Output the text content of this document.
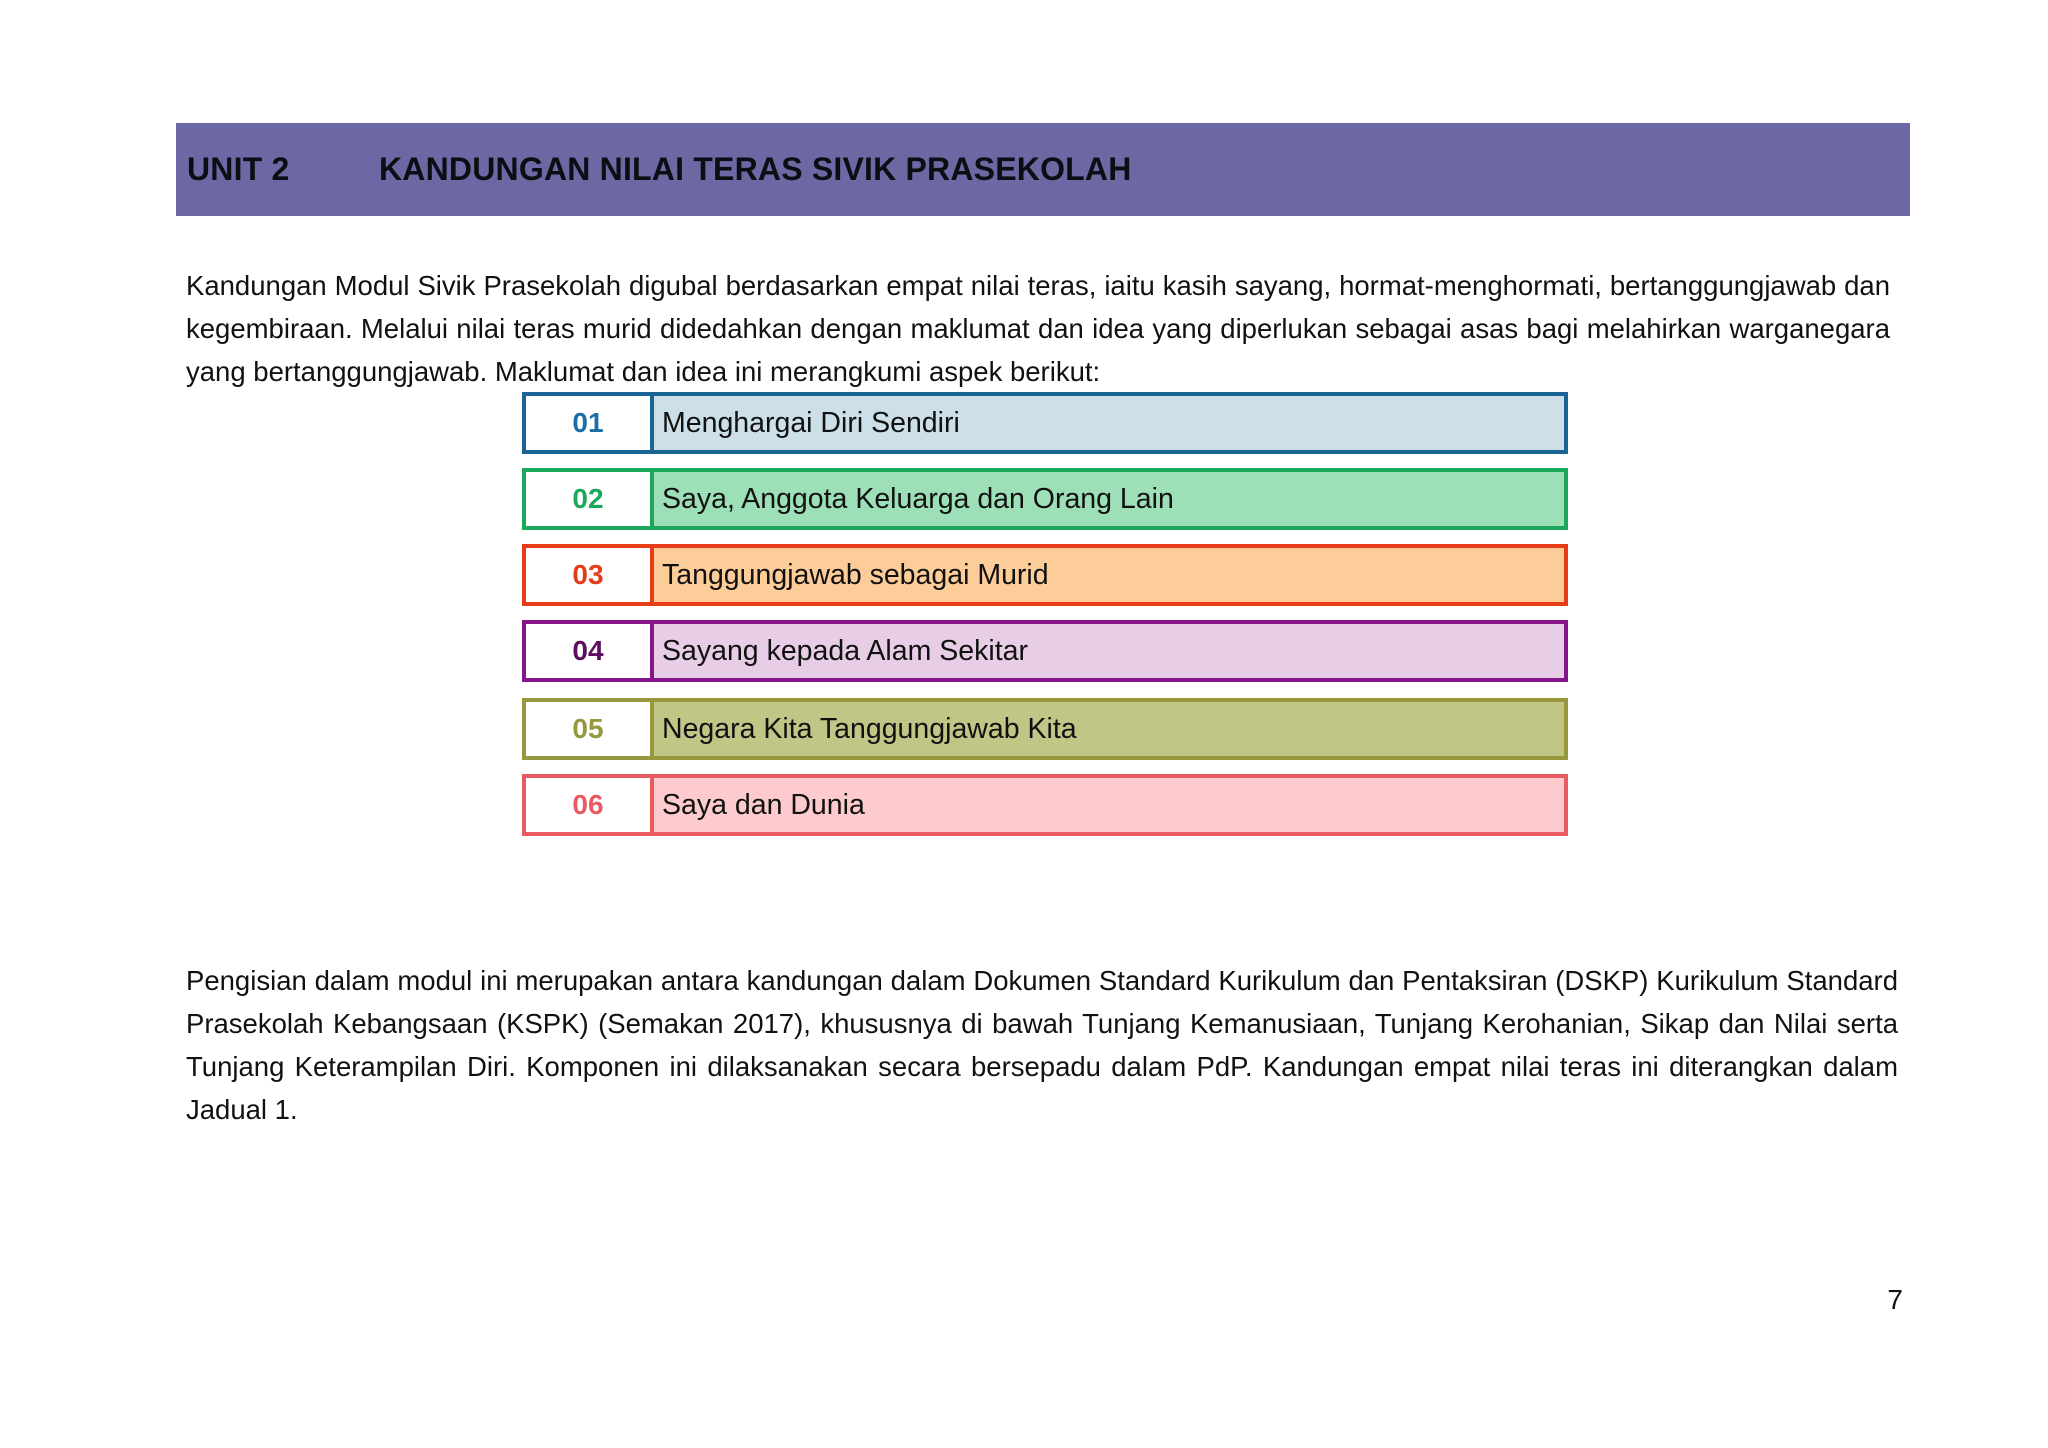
UNIT 2	KANDUNGAN NILAI TERAS SIVIK PRASEKOLAH

Kandungan Modul Sivik Prasekolah digubal berdasarkan empat nilai teras, iaitu kasih sayang, hormat-menghormati, bertanggungjawab dan kegembiraan. Melalui nilai teras murid didedahkan dengan maklumat dan idea yang diperlukan sebagai asas bagi melahirkan warganegara yang bertanggungjawab. Maklumat dan idea ini merangkumi aspek berikut:

01	Menghargai Diri Sendiri
02	Saya, Anggota Keluarga dan Orang Lain
03	Tanggungjawab sebagai Murid
04	Sayang kepada Alam Sekitar
05	Negara Kita Tanggungjawab Kita
06	Saya dan Dunia

Pengisian dalam modul ini merupakan antara kandungan dalam Dokumen Standard Kurikulum dan Pentaksiran (DSKP) Kurikulum Standard Prasekolah Kebangsaan (KSPK) (Semakan 2017), khususnya di bawah Tunjang Kemanusiaan, Tunjang Kerohanian, Sikap dan Nilai serta Tunjang Keterampilan Diri. Komponen ini dilaksanakan secara bersepadu dalam PdP. Kandungan empat nilai teras ini diterangkan dalam Jadual 1.

7
